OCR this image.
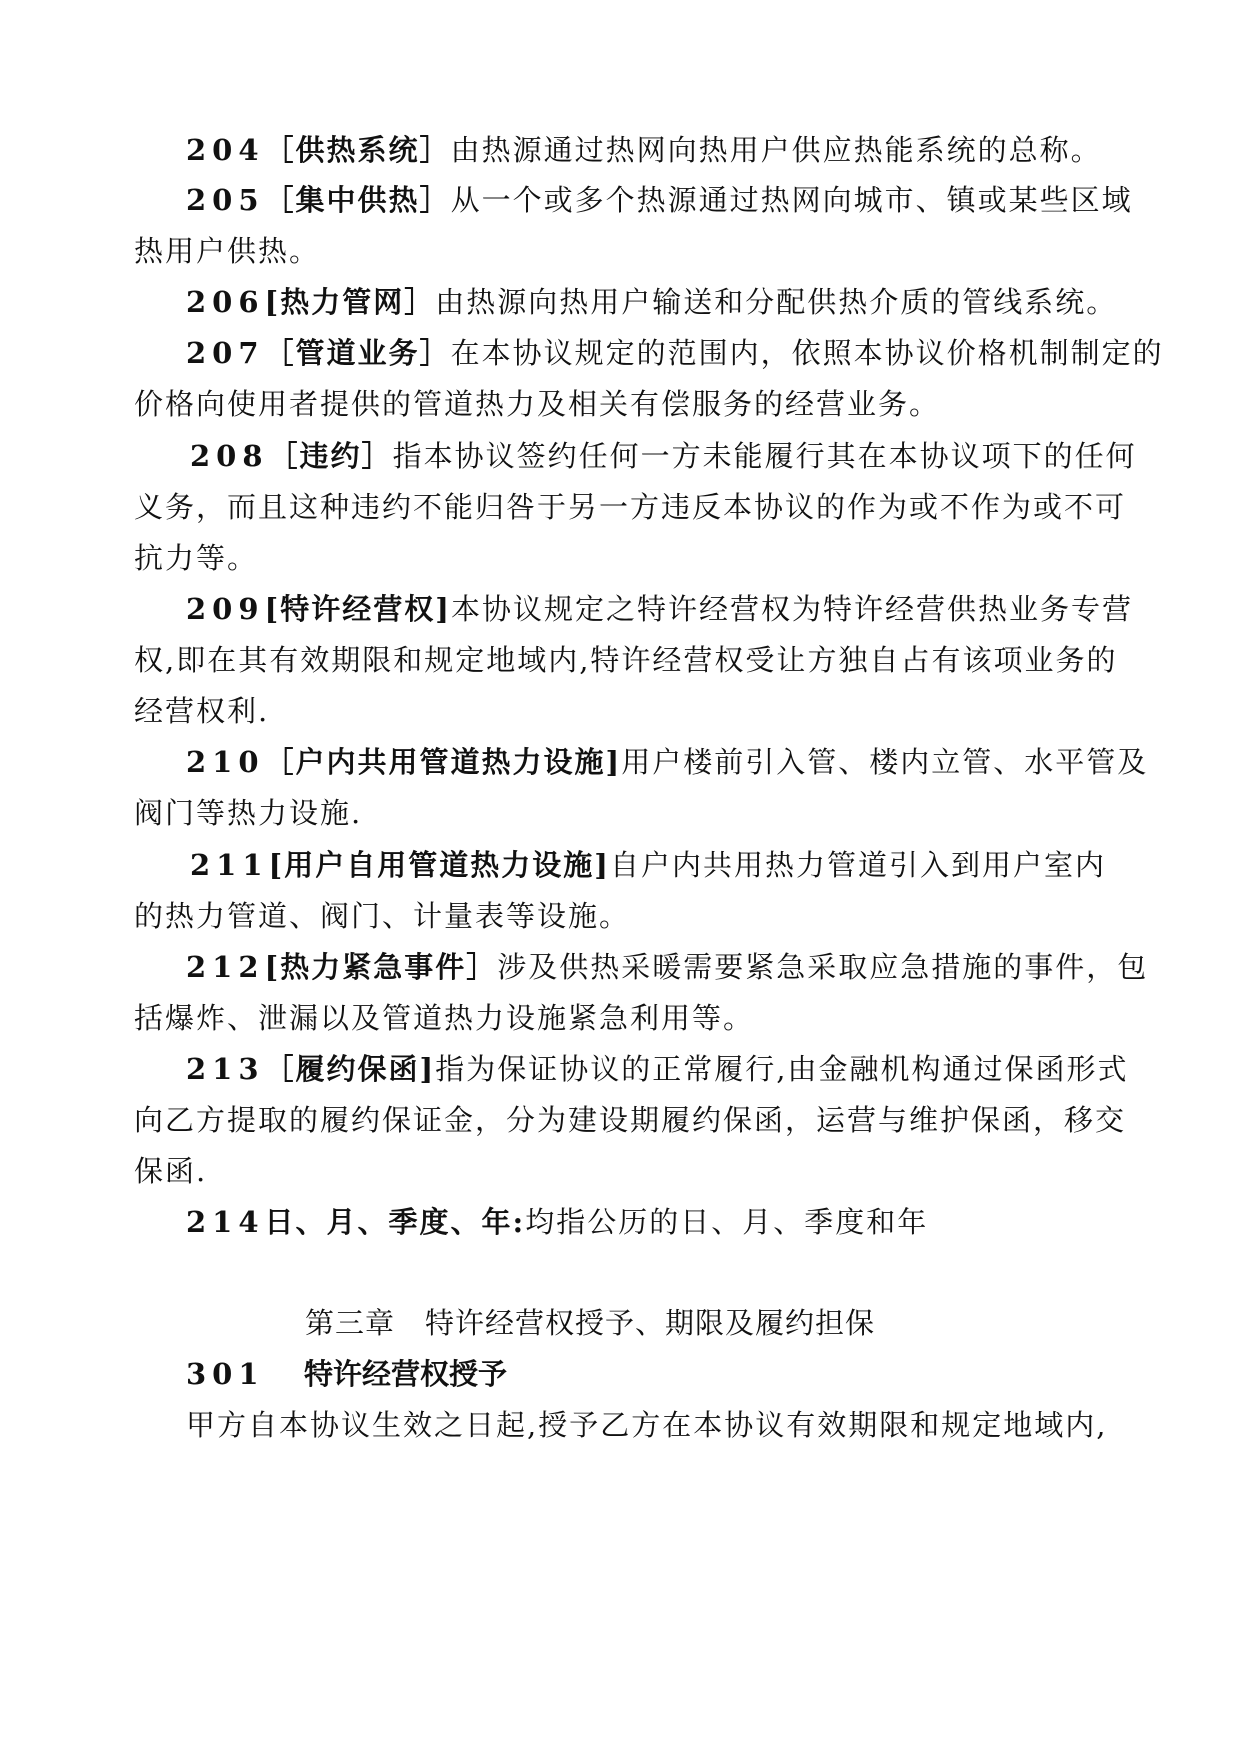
204［供热系统］由热源通过热网向热用户供应热能系统的总称。
205［集中供热］从一个或多个热源通过热网向城市、镇或某些区域
热用户供热。
206[热力管网］由热源向热用户输送和分配供热介质的管线系统。
207［管道业务］在本协议规定的范围内，依照本协议价格机制制定的
价格向使用者提供的管道热力及相关有偿服务的经营业务。
208［违约］指本协议签约任何一方未能履行其在本协议项下的任何
义务，而且这种违约不能归咎于另一方违反本协议的作为或不作为或不可
抗力等。
209[特许经营权]本协议规定之特许经营权为特许经营供热业务专营
权,即在其有效期限和规定地域内,特许经营权受让方独自占有该项业务的
经营权利.
210［户内共用管道热力设施]用户楼前引入管、楼内立管、水平管及
阀门等热力设施.
211[用户自用管道热力设施]自户内共用热力管道引入到用户室内
的热力管道、阀门、计量表等设施。
212[热力紧急事件］涉及供热采暖需要紧急采取应急措施的事件，包
括爆炸、泄漏以及管道热力设施紧急利用等。
213［履约保函]指为保证协议的正常履行,由金融机构通过保函形式
向乙方提取的履约保证金，分为建设期履约保函，运营与维护保函，移交
保函.
214日、月、季度、年:均指公历的日、月、季度和年
第三章 特许经营权授予、期限及履约担保
301 特许经营权授予
甲方自本协议生效之日起,授予乙方在本协议有效期限和规定地域内,
